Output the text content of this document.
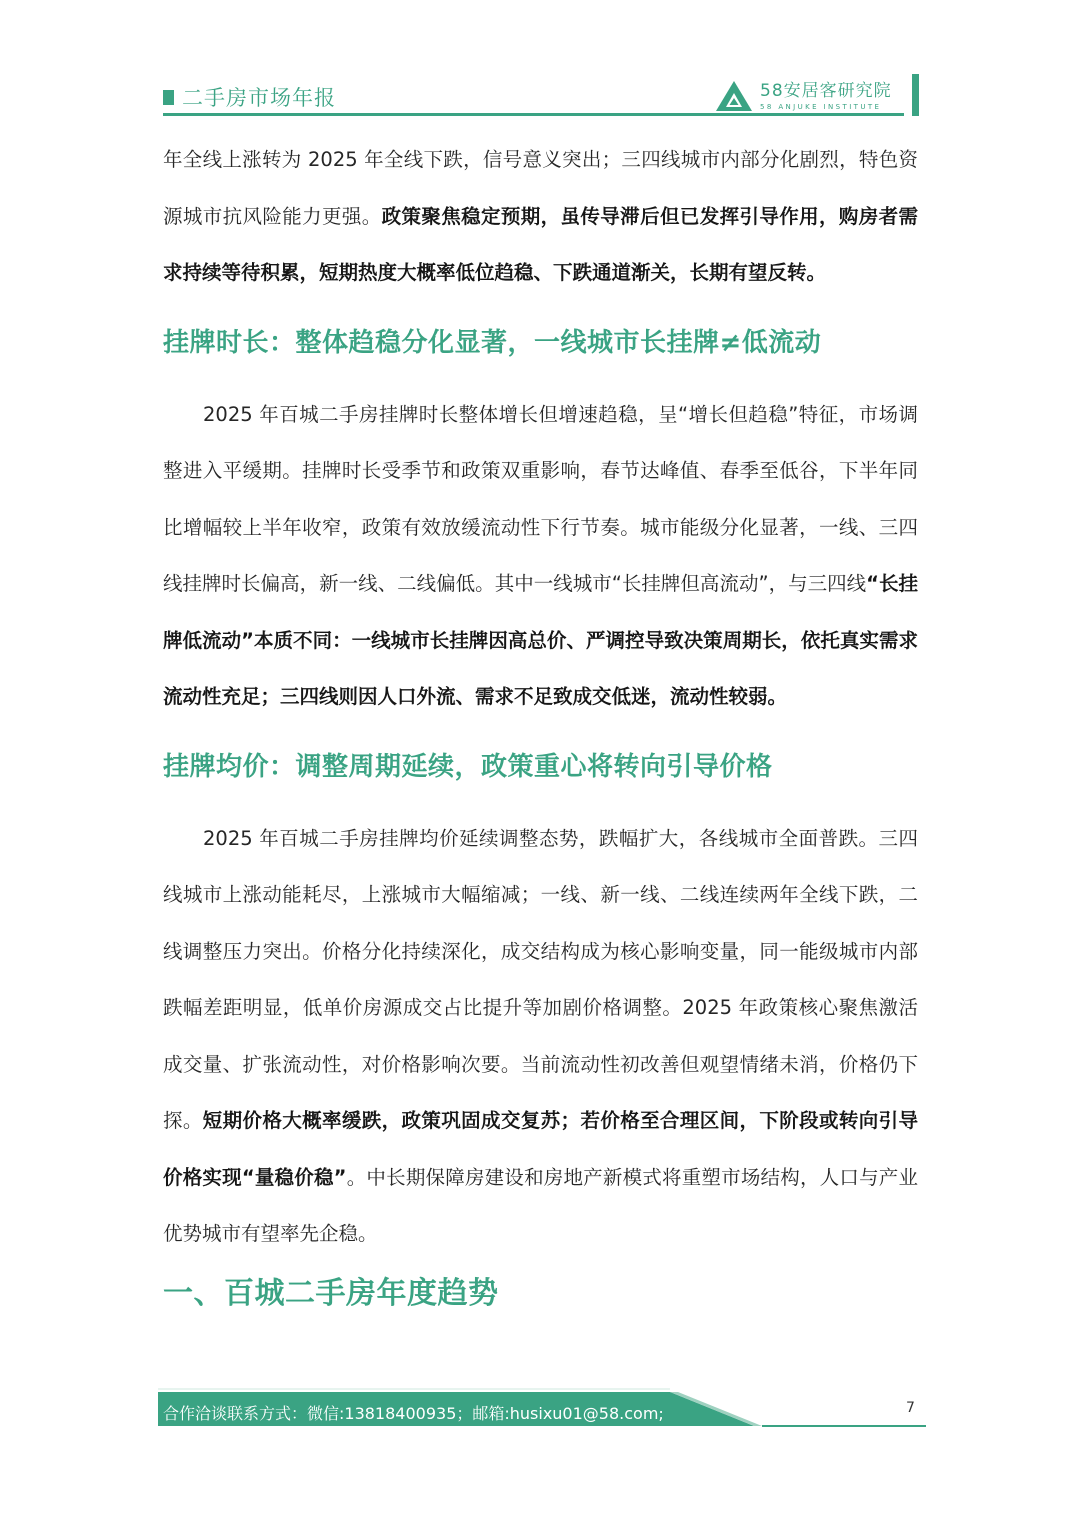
二手房市场年报	58安居客研究院
58 ANJUKE INSTITUTE

年全线上涨转为 2025 年全线下跌，信号意义突出；三四线城市内部分化剧烈，特色资源城市抗风险能力更强。政策聚焦稳定预期，虽传导滞后但已发挥引导作用，购房者需求持续等待积累，短期热度大概率低位趋稳、下跌通道渐关，长期有望反转。

挂牌时长：整体趋稳分化显著，一线城市长挂牌≠低流动

2025 年百城二手房挂牌时长整体增长但增速趋稳，呈“增长但趋稳”特征，市场调整进入平缓期。挂牌时长受季节和政策双重影响，春节达峰值、春季至低谷，下半年同比增幅较上半年收窄，政策有效放缓流动性下行节奏。城市能级分化显著，一线、三四线挂牌时长偏高，新一线、二线偏低。其中一线城市“长挂牌但高流动”，与三四线“长挂牌低流动”本质不同：一线城市长挂牌因高总价、严调控导致决策周期长，依托真实需求流动性充足；三四线则因人口外流、需求不足致成交低迷，流动性较弱。

挂牌均价：调整周期延续，政策重心将转向引导价格

2025 年百城二手房挂牌均价延续调整态势，跌幅扩大，各线城市全面普跌。三四线城市上涨动能耗尽，上涨城市大幅缩减；一线、新一线、二线连续两年全线下跌，二线调整压力突出。价格分化持续深化，成交结构成为核心影响变量，同一能级城市内部跌幅差距明显，低单价房源成交占比提升等加剧价格调整。2025 年政策核心聚焦激活成交量、扩张流动性，对价格影响次要。当前流动性初改善但观望情绪未消，价格仍下探。短期价格大概率缓跌，政策巩固成交复苏；若价格至合理区间，下阶段或转向引导价格实现“量稳价稳”。中长期保障房建设和房地产新模式将重塑市场结构，人口与产业优势城市有望率先企稳。

一、百城二手房年度趋势
合作洽谈联系方式：微信:13818400935；邮箱:husixu01@58.com;	7
